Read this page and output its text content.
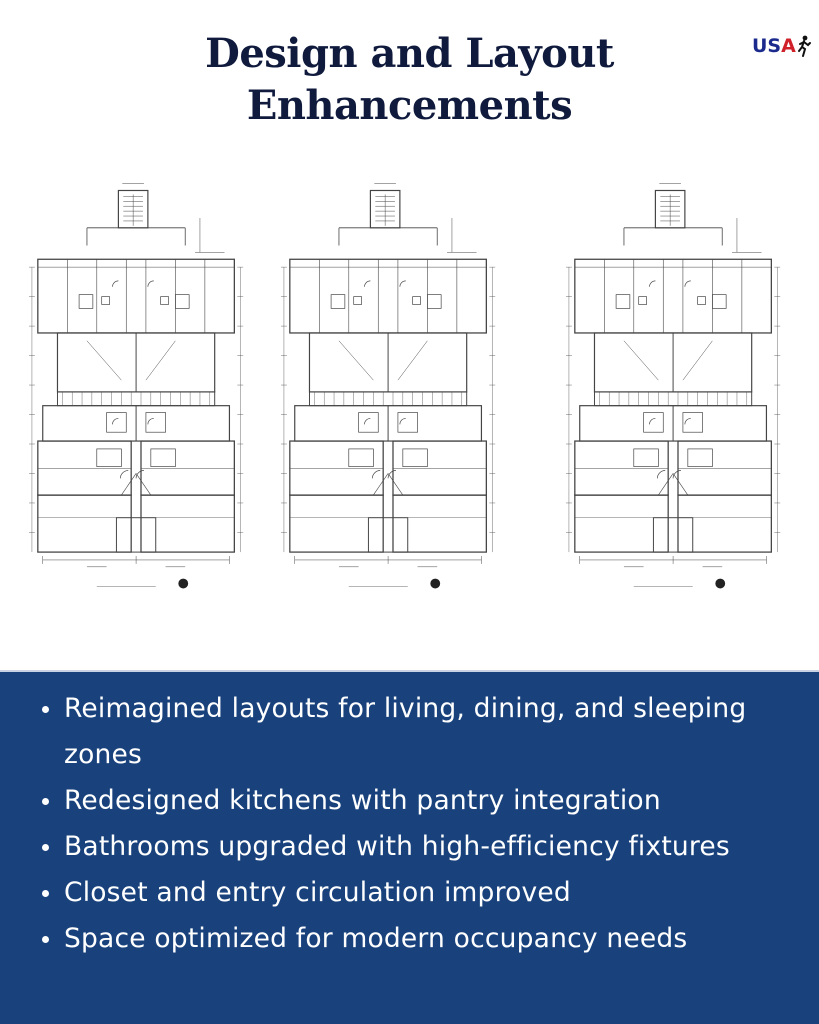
Design and Layout
Enhancements
US A
Reimagined layouts for living, dining, and sleeping zones
Redesigned kitchens with pantry integration
Bathrooms upgraded with high-efficiency fixtures
Closet and entry circulation improved
Space optimized for modern occupancy needs
